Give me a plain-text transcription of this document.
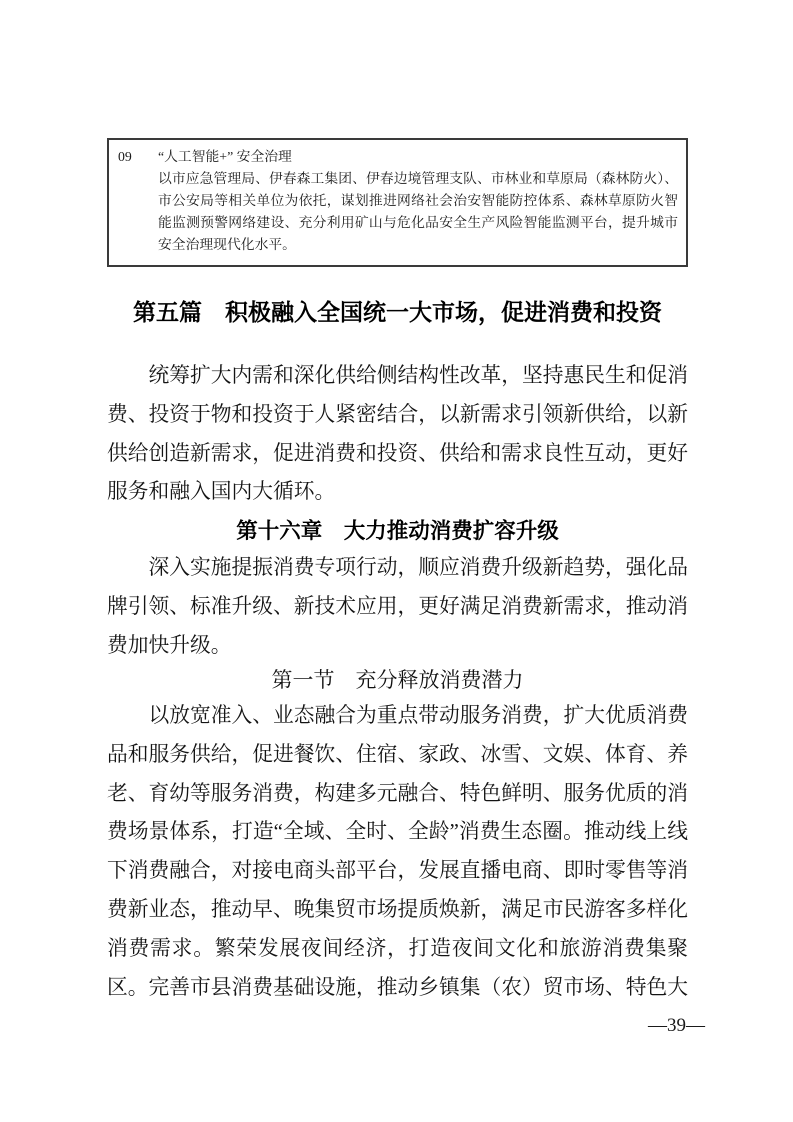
09	“人工智能+” 安全治理
以市应急管理局、伊春森工集团、伊春边境管理支队、市林业和草原局（森林防火）、市公安局等相关单位为依托，谋划推进网络社会治安智能防控体系、森林草原防火智能监测预警网络建设、充分利用矿山与危化品安全生产风险智能监测平台，提升城市安全治理现代化水平。
第五篇　积极融入全国统一大市场，促进消费和投资

统筹扩大内需和深化供给侧结构性改革，坚持惠民生和促消费、投资于物和投资于人紧密结合，以新需求引领新供给，以新供给创造新需求，促进消费和投资、供给和需求良性互动，更好服务和融入国内大循环。

第十六章　大力推动消费扩容升级

深入实施提振消费专项行动，顺应消费升级新趋势，强化品牌引领、标准升级、新技术应用，更好满足消费新需求，推动消费加快升级。

第一节　充分释放消费潜力

以放宽准入、业态融合为重点带动服务消费，扩大优质消费品和服务供给，促进餐饮、住宿、家政、冰雪、文娱、体育、养老、育幼等服务消费，构建多元融合、特色鲜明、服务优质的消费场景体系，打造“全域、全时、全龄”消费生态圈。推动线上线下消费融合，对接电商头部平台，发展直播电商、即时零售等消费新业态，推动早、晚集贸市场提质焕新，满足市民游客多样化消费需求。繁荣发展夜间经济，打造夜间文化和旅游消费集聚区。完善市县消费基础设施，推动乡镇集（农）贸市场、特色大

—39—
